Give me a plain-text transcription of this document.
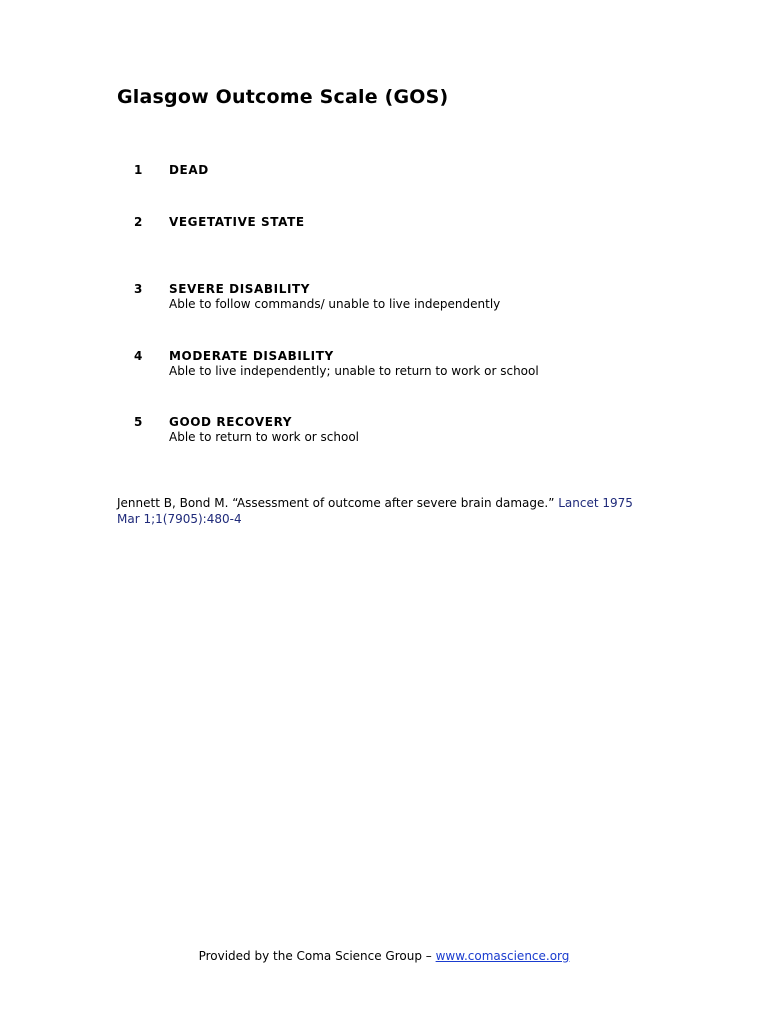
Glasgow Outcome Scale (GOS)
1	DEAD
2	VEGETATIVE STATE
3	SEVERE DISABILITY
Able to follow commands/ unable to live independently
4	MODERATE DISABILITY
Able to live independently; unable to return to work or school
5	GOOD RECOVERY
Able to return to work or school
Jennett B, Bond M. “Assessment of outcome after severe brain damage.” Lancet 1975 Mar 1;1(7905):480-4
Provided by the Coma Science Group – www.comascience.org
